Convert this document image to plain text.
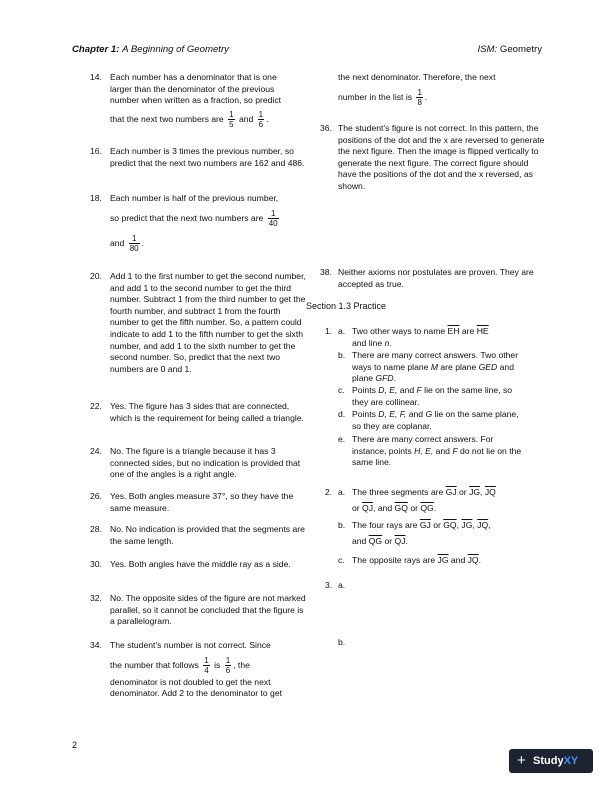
Chapter 1: A Beginning of Geometry	ISM: Geometry
14. Each number has a denominator that is one
larger than the denominator of the previous
number when written as a fraction, so predict
that the next two numbers are $\frac{1}{5}$ and $\frac{1}{6}$ .
16. Each number is 3 times the previous number, so predict that the next two numbers are 162 and 486.
18. Each number is half of the previous number,
so predict that the next two numbers are $\frac{1}{40}$
and $\frac{1}{80}$ .
20. Add 1 to the first number to get the second number, and add 1 to the second number to get the third number. Subtract 1 from the third number to get the fourth number, and subtract 1 from the fourth number to get the fifth number. So, a pattern could indicate to add 1 to the fifth number to get the sixth number, and add 1 to the sixth number to get the second number. So, predict that the next two numbers are 0 and 1.
22. Yes. The figure has 3 sides that are connected, which is the requirement for being called a triangle.
24. No. The figure is a triangle because it has 3 connected sides, but no indication is provided that one of the angles is a right angle.
26. Yes. Both angles measure 37°, so they have the same measure.
28. No. No indication is provided that the segments are the same length.
30. Yes. Both angles have the middle ray as a side.
32. No. The opposite sides of the figure are not marked parallel, so it cannot be concluded that the figure is a parallelogram.
34. The student’s number is not correct. Since
the number that follows $\frac{1}{4}$ is $\frac{1}{6}$ , the
denominator is not doubled to get the next denominator. Add 2 to the denominator to get
the next denominator. Therefore, the next
number in the list is $\frac{1}{8}$ .
36. The student’s figure is not correct. In this pattern, the positions of the dot and the x are reversed to generate the next figure. Then the image is flipped vertically to generate the next figure. The correct figure should have the positions of the dot and the x reversed, as shown.
38. Neither axioms nor postulates are proven. They are accepted as true.
Section 1.3 Practice
1. a. Two other ways to name $\overline{EH}$ are $\overline{HE}$
and line n.
b. There are many correct answers. Two other ways to name plane M are plane GED and plane GFD.
c. Points D, E, and F lie on the same line, so they are collinear.
d. Points D, E, F, and G lie on the same plane, so they are coplanar.
e. There are many correct answers. For instance, points H, E, and F do not lie on the same line.
2. a. The three segments are $\overline{GJ}$ or $\overline{JG}$, $\overline{JQ}$
or $\overline{QJ}$, and $\overline{GQ}$ or $\overline{QG}$.
b. The four rays are $\overline{GJ}$ or $\overline{GQ}$, $\overline{JG}$, $\overline{JQ}$,
and $\overline{QG}$ or $\overline{QJ}$.
c. The opposite rays are $\overline{JG}$ and $\overline{JQ}$.
3. a.
b.
2
+ StudyXY
